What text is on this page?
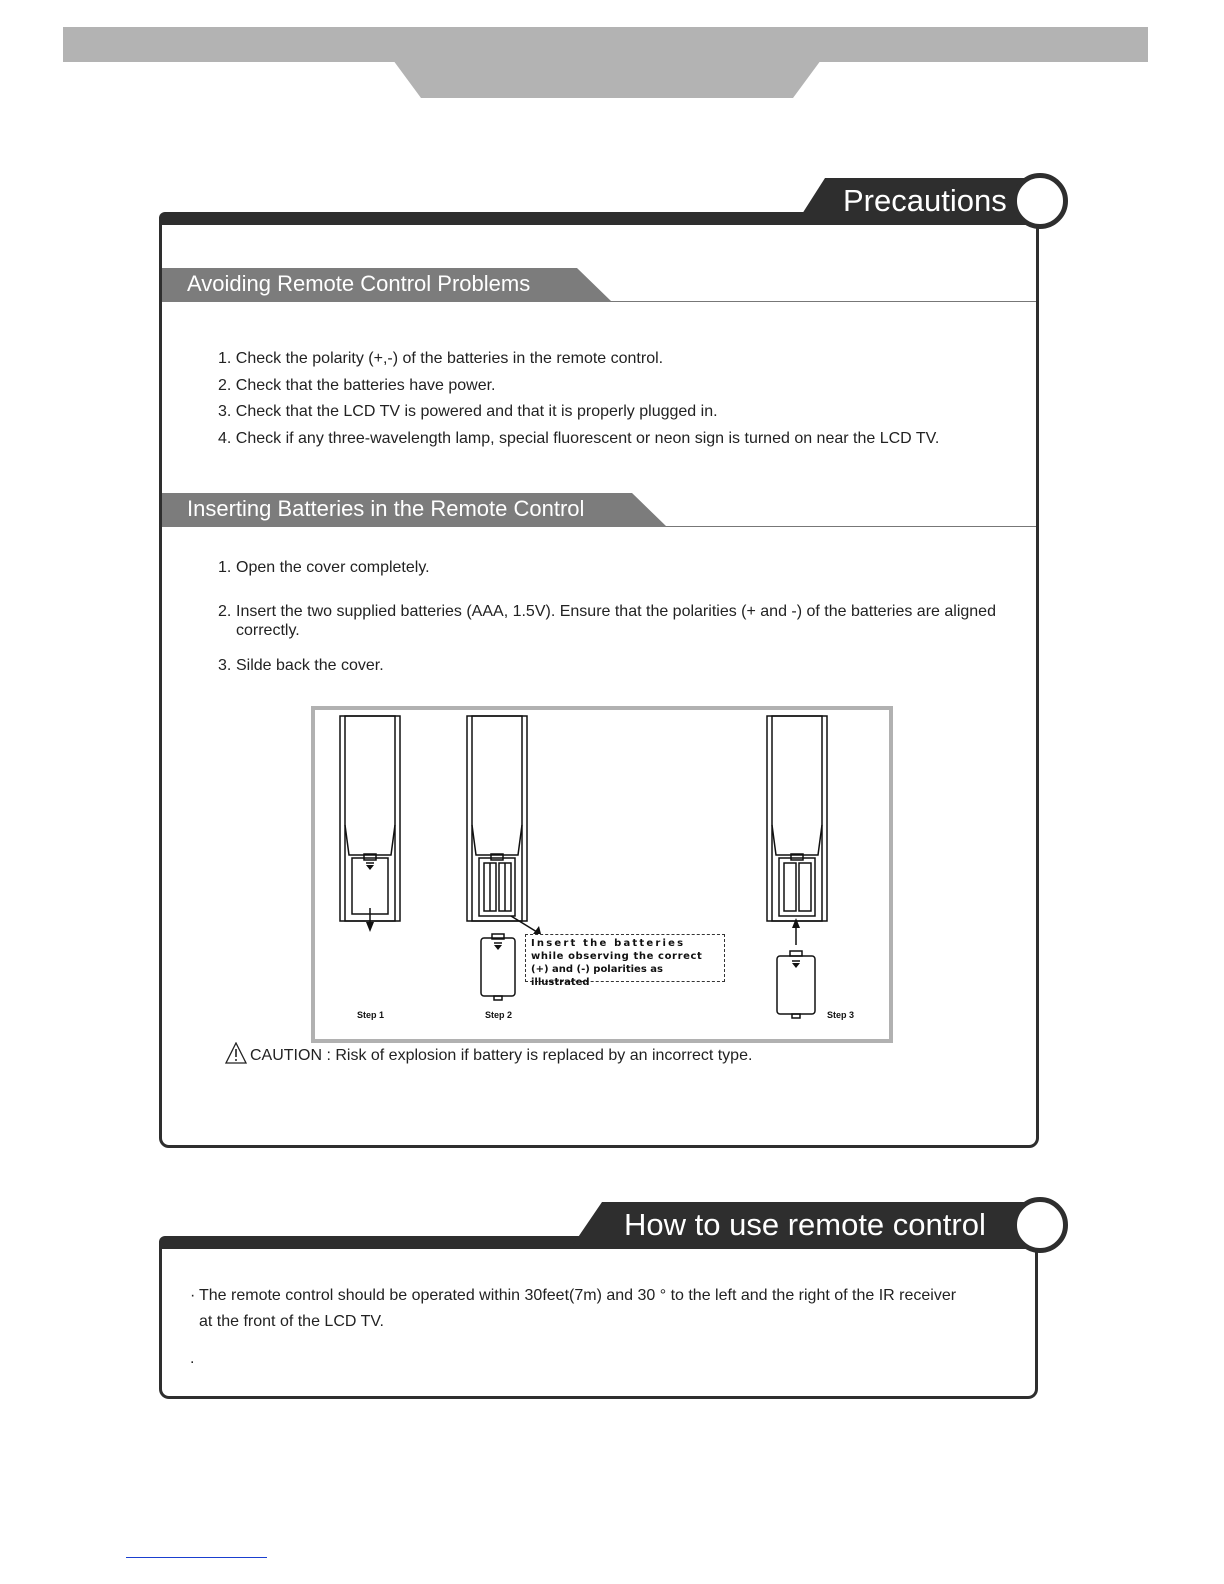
Precautions
Avoiding Remote Control Problems
1. Check the polarity (+,-) of the batteries in the remote control.
2. Check that the batteries have power.
3. Check that the LCD TV is powered and that it is properly plugged in.
4. Check if any three-wavelength lamp, special fluorescent or neon sign is turned on near the LCD TV.
Inserting Batteries in the Remote Control
1. Open the cover completely.
2. Insert the two supplied batteries (AAA, 1.5V). Ensure that the polarities (+ and -) of the batteries are aligned
correctly.
3. Silde back the cover.
Insert the batteries
while observing the correct
(+) and (-) polarities as illustrated
Step 1	Step 2	Step 3
CAUTION : Risk of explosion if battery is replaced by an incorrect type.
How to use remote control
· The remote control should be operated within 30feet(7m) and 30 ° to the left and the right of the IR receiver
at the front of the LCD TV.
.
